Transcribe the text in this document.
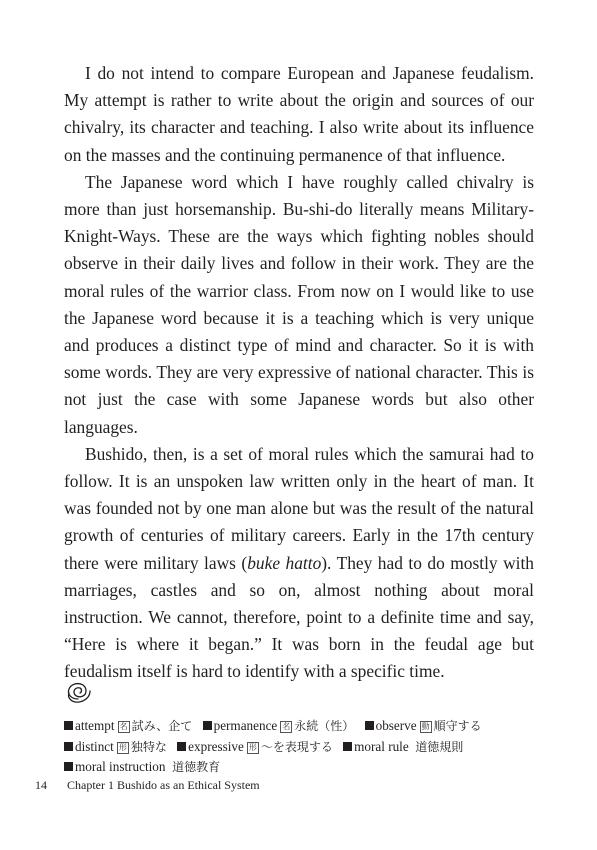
I do not intend to compare European and Japanese feudalism. My attempt is rather to write about the origin and sources of our chivalry, its character and teaching. I also write about its influence on the masses and the continuing permanence of that influence.

The Japanese word which I have roughly called chivalry is more than just horsemanship. Bu-shi-do literally means Military-Knight-Ways. These are the ways which fighting nobles should observe in their daily lives and follow in their work. They are the moral rules of the warrior class. From now on I would like to use the Japanese word because it is a teaching which is very unique and produces a distinct type of mind and character. So it is with some words. They are very expressive of national character. This is not just the case with some Japanese words but also other languages.

Bushido, then, is a set of moral rules which the samurai had to follow. It is an unspoken law written only in the heart of man. It was founded not by one man alone but was the result of the natural growth of centuries of military careers. Early in the 17th century there were military laws (buke hatto). They had to do mostly with marriages, castles and so on, almost nothing about moral instruction. We cannot, therefore, point to a definite time and say, “Here is where it began.” It was born in the feudal age but feudalism itself is hard to identify with a specific time.

attempt 名 試み、企て permanence 名 永続（性） observe 動 順守する
distinct 形 独特な expressive 形 ～を表現する moral rule 道徳規則
moral instruction 道徳教育
14 Chapter 1 Bushido as an Ethical System
